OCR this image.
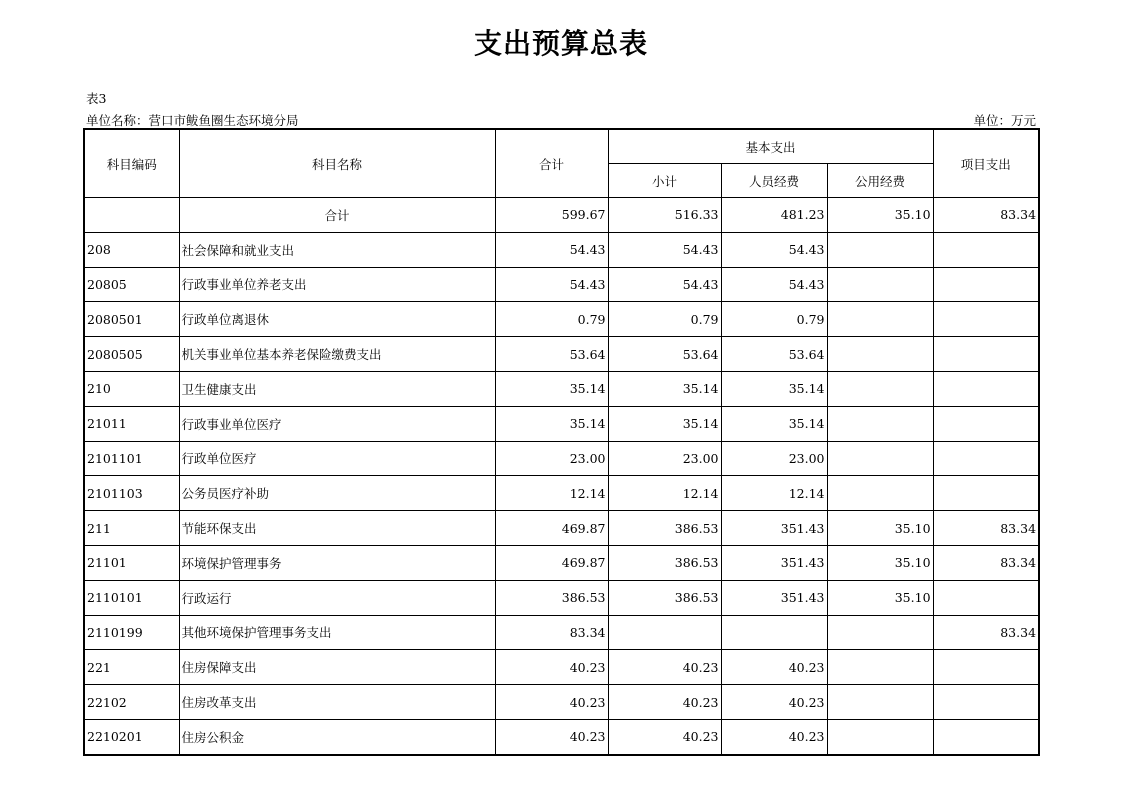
支出预算总表
表3
单位名称：营口市鲅鱼圈生态环境分局	单位：万元
科目编码	科目名称	合计	基本支出			项目支出
			小计	人员经费	公用经费	
	合计	599.67	516.33	481.23	35.10	83.34
208	社会保障和就业支出	54.43	54.43	54.43		
20805	行政事业单位养老支出	54.43	54.43	54.43		
2080501	行政单位离退休	0.79	0.79	0.79		
2080505	机关事业单位基本养老保险缴费支出	53.64	53.64	53.64		
210	卫生健康支出	35.14	35.14	35.14		
21011	行政事业单位医疗	35.14	35.14	35.14		
2101101	行政单位医疗	23.00	23.00	23.00		
2101103	公务员医疗补助	12.14	12.14	12.14		
211	节能环保支出	469.87	386.53	351.43	35.10	83.34
21101	环境保护管理事务	469.87	386.53	351.43	35.10	83.34
2110101	行政运行	386.53	386.53	351.43	35.10	
2110199	其他环境保护管理事务支出	83.34				83.34
221	住房保障支出	40.23	40.23	40.23		
22102	住房改革支出	40.23	40.23	40.23		
2210201	住房公积金	40.23	40.23	40.23		
